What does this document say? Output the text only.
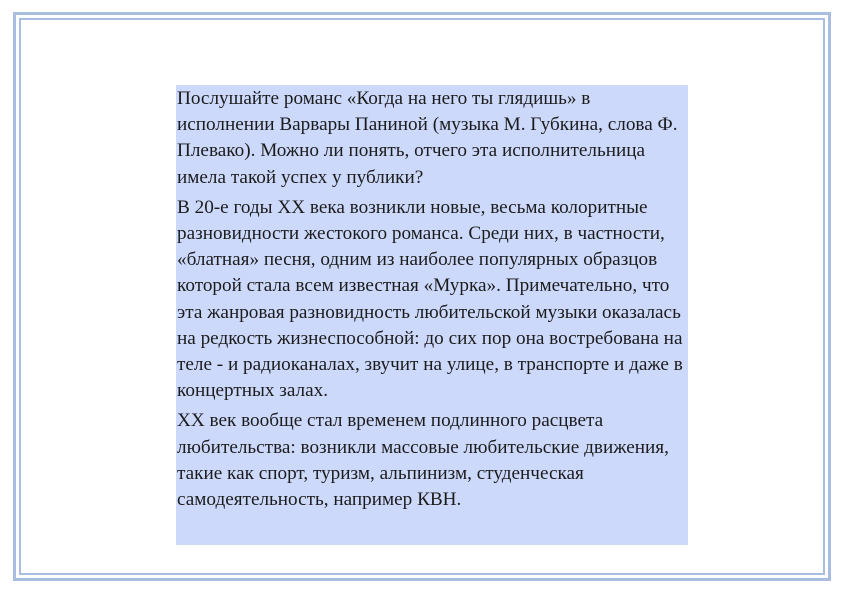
Послушайте романс «Когда на него ты глядишь» в исполнении Варвары Паниной (музыка М. Губкина, слова Ф. Плевако). Можно ли понять, отчего эта исполнительница имела такой успех у публики?

В 20-е годы XX века возникли новые, весьма колоритные разновидности жестокого романса. Среди них, в частности, «блатная» песня, одним из наиболее популярных образцов которой стала всем известная «Мурка». Примечательно, что эта жанровая разновидность любительской музыки оказалась на редкость жизнеспособной: до сих пор она востребована на теле - и радиоканалах, звучит на улице, в транспорте и даже в концертных залах.

XX век вообще стал временем подлинного расцвета любительства: возникли массовые любительские движения, такие как спорт, туризм, альпинизм, студенческая самодеятельность, например КВН.
